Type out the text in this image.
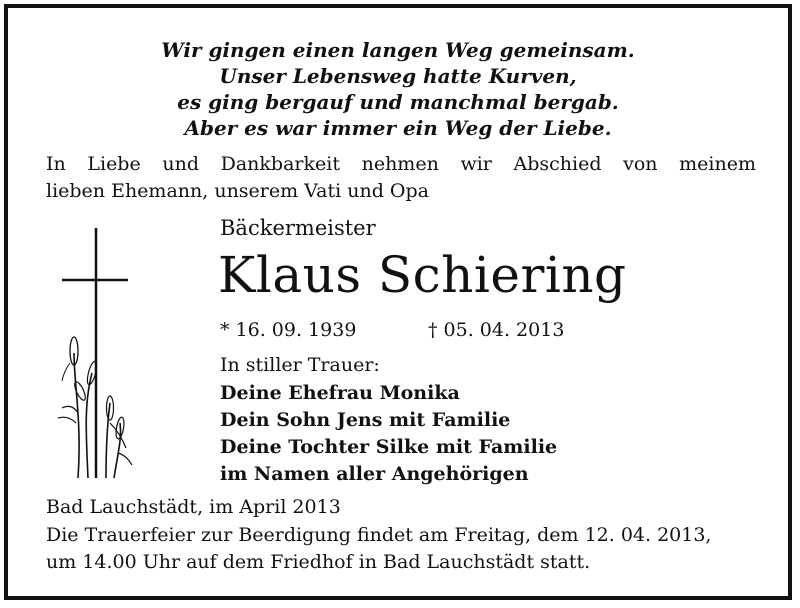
Wir gingen einen langen Weg gemeinsam.
Unser Lebensweg hatte Kurven,
es ging bergauf und manchmal bergab.
Aber es war immer ein Weg der Liebe.
In Liebe und Dankbarkeit nehmen wir Abschied von meinem
lieben Ehemann, unserem Vati und Opa
Bäckermeister
Klaus Schiering
* 16. 09. 1939	† 05. 04. 2013
In stiller Trauer:
Deine Ehefrau Monika
Dein Sohn Jens mit Familie
Deine Tochter Silke mit Familie
im Namen aller Angehörigen
Bad Lauchstädt, im April 2013
Die Trauerfeier zur Beerdigung findet am Freitag, dem 12. 04. 2013,
um 14.00 Uhr auf dem Friedhof in Bad Lauchstädt statt.
